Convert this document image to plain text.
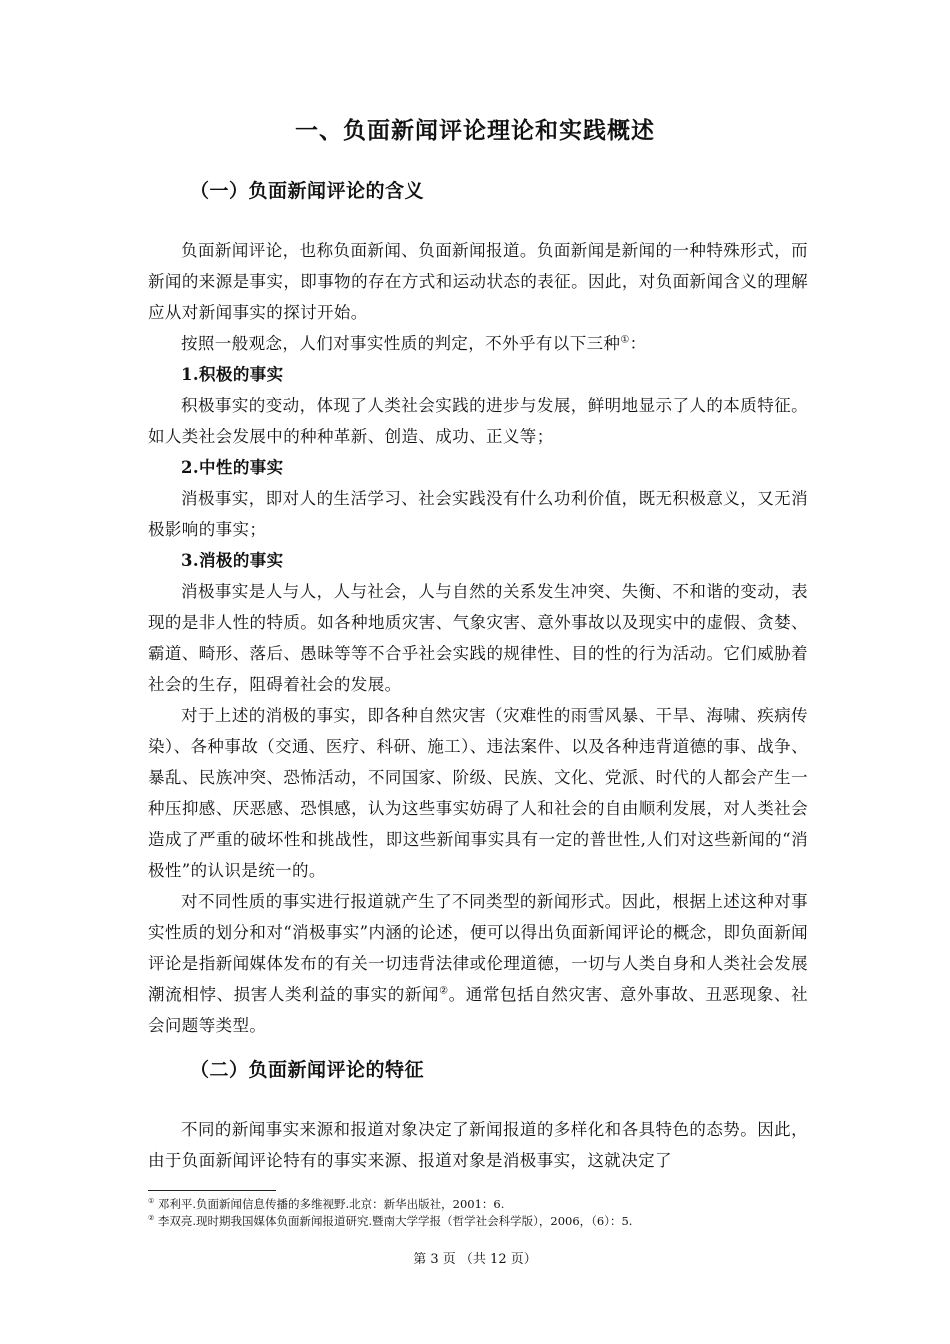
一、负面新闻评论理论和实践概述
（一）负面新闻评论的含义

负面新闻评论，也称负面新闻、负面新闻报道。负面新闻是新闻的一种特殊形式，而新闻的来源是事实，即事物的存在方式和运动状态的表征。因此，对负面新闻含义的理解应从对新闻事实的探讨开始。

按照一般观念，人们对事实性质的判定，不外乎有以下三种①：

1.积极的事实

积极事实的变动，体现了人类社会实践的进步与发展，鲜明地显示了人的本质特征。如人类社会发展中的种种革新、创造、成功、正义等；

2.中性的事实

消极事实，即对人的生活学习、社会实践没有什么功利价值，既无积极意义，又无消极影响的事实；

3.消极的事实

消极事实是人与人，人与社会，人与自然的关系发生冲突、失衡、不和谐的变动，表现的是非人性的特质。如各种地质灾害、气象灾害、意外事故以及现实中的虚假、贪婪、霸道、畸形、落后、愚昧等等不合乎社会实践的规律性、目的性的行为活动。它们威胁着社会的生存，阻碍着社会的发展。

对于上述的消极的事实，即各种自然灾害（灾难性的雨雪风暴、干旱、海啸、疾病传染）、各种事故（交通、医疗、科研、施工）、违法案件、以及各种违背道德的事、战争、暴乱、民族冲突、恐怖活动，不同国家、阶级、民族、文化、党派、时代的人都会产生一种压抑感、厌恶感、恐惧感，认为这些事实妨碍了人和社会的自由顺利发展，对人类社会造成了严重的破坏性和挑战性，即这些新闻事实具有一定的普世性,人们对这些新闻的“消极性”的认识是统一的。

对不同性质的事实进行报道就产生了不同类型的新闻形式。因此，根据上述这种对事实性质的划分和对“消极事实”内涵的论述，便可以得出负面新闻评论的概念，即负面新闻评论是指新闻媒体发布的有关一切违背法律或伦理道德，一切与人类自身和人类社会发展潮流相悖、损害人类利益的事实的新闻②。通常包括自然灾害、意外事故、丑恶现象、社会问题等类型。

（二）负面新闻评论的特征

不同的新闻事实来源和报道对象决定了新闻报道的多样化和各具特色的态势。因此，由于负面新闻评论特有的事实来源、报道对象是消极事实，这就决定了

① 邓利平.负面新闻信息传播的多维视野.北京：新华出版社，2001：6.

② 李双亮.现时期我国媒体负面新闻报道研究.暨南大学学报（哲学社会科学版），2006，（6）：5.

第 3 页 （共 12 页）
